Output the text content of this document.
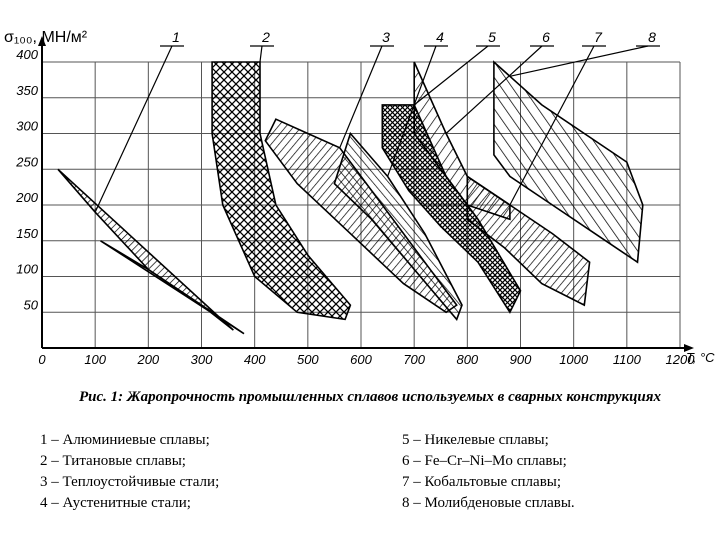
0	100 200 300 400 500 600 700 800 900 1000 1100 1200
50
100
150
200
250
300
350
400
σ₁₀₀, МН/м²
T, °С
1	2	3	4	5	6	7	8
Рис. 1: Жаропрочность промышленных сплавов используемых в сварных конструкциях
1 – Алюминиевые сплавы;
2 – Титановые сплавы;
3 – Теплоустойчивые стали;
4 – Аустенитные стали;
5 – Никелевые сплавы;
6 – Fe–Cr–Ni–Mo сплавы;
7 – Кобальтовые сплавы;
8 – Молибденовые сплавы.
